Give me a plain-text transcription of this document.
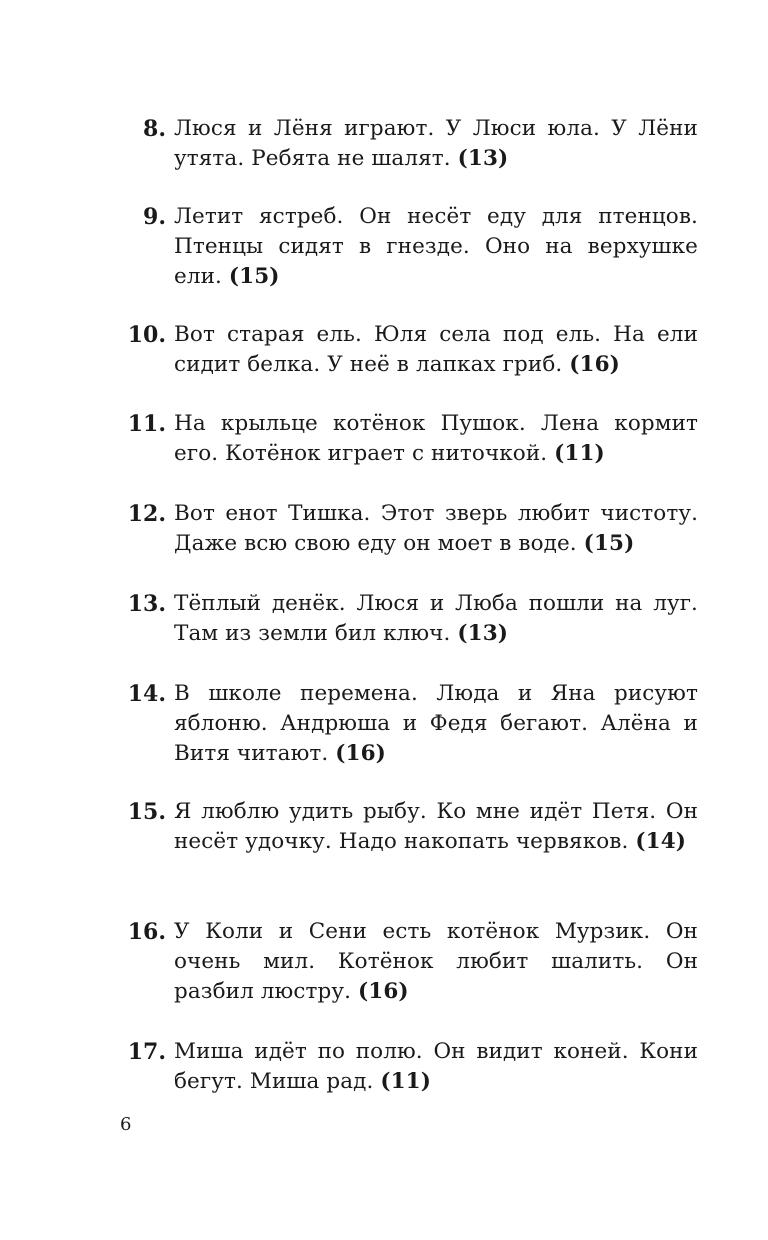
8. Люся и Лёня играют. У Люси юла. У Лёни утята. Ребята не шалят. (13)
9. Летит ястреб. Он несёт еду для птенцов. Птенцы сидят в гнезде. Оно на верхушке ели. (15)
10. Вот старая ель. Юля села под ель. На ели сидит белка. У неё в лапках гриб. (16)
11. На крыльце котёнок Пушок. Лена кормит его. Котёнок играет с ниточкой. (11)
12. Вот енот Тишка. Этот зверь любит чистоту. Даже всю свою еду он моет в воде. (15)
13. Тёплый денёк. Люся и Люба пошли на луг. Там из земли бил ключ. (13)
14. В школе перемена. Люда и Яна рисуют яблоню. Андрюша и Федя бегают. Алёна и Витя читают. (16)
15. Я люблю удить рыбу. Ко мне идёт Петя. Он несёт удочку. Надо накопать червяков. (14)
16. У Коли и Сени есть котёнок Мурзик. Он очень мил. Котёнок любит шалить. Он разбил люстру. (16)
17. Миша идёт по полю. Он видит коней. Кони бегут. Миша рад. (11)
6
